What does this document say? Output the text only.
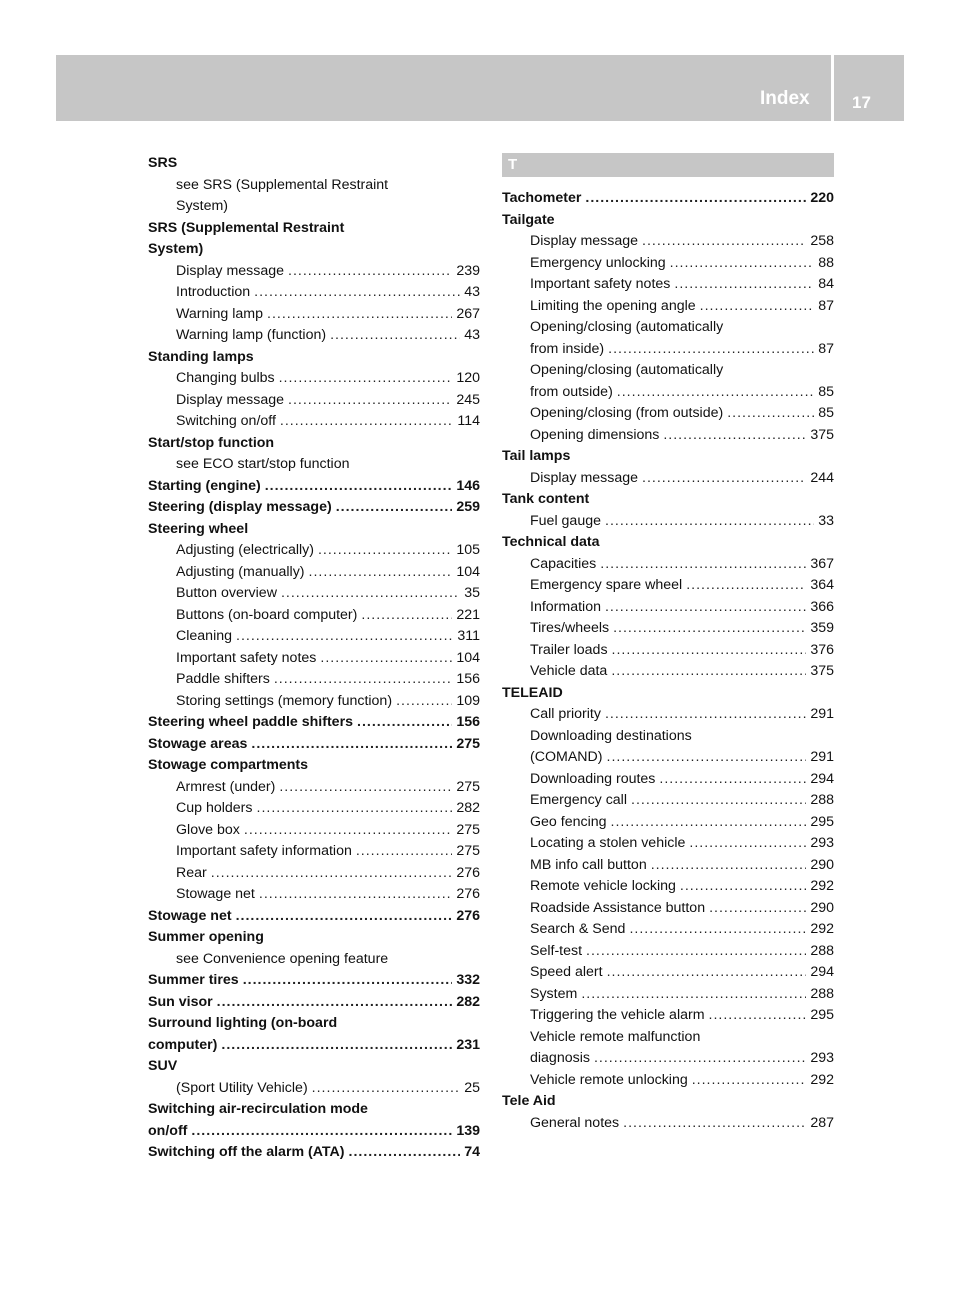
Index	17
SRS
see SRS (Supplemental Restraint
System)
SRS (Supplemental Restraint
System)
Display message .....	239
Introduction .....	43
Warning lamp .....	267
Warning lamp (function) .....	43
Standing lamps
Changing bulbs .....	120
Display message .....	245
Switching on/off .....	114
Start/stop function
see ECO start/stop function
Starting (engine) .....	146
Steering (display message) .....	259
Steering wheel
Adjusting (electrically) .....	105
Adjusting (manually) .....	104
Button overview .....	35
Buttons (on-board computer) .....	221
Cleaning .....	311
Important safety notes .....	104
Paddle shifters .....	156
Storing settings (memory function) .....	109
Steering wheel paddle shifters .....	156
Stowage areas .....	275
Stowage compartments
Armrest (under) .....	275
Cup holders .....	282
Glove box .....	275
Important safety information .....	275
Rear .....	276
Stowage net .....	276
Stowage net .....	276
Summer opening
see Convenience opening feature
Summer tires .....	332
Sun visor .....	282
Surround lighting (on-board
computer) .....	231
SUV
(Sport Utility Vehicle) .....	25
Switching air-recirculation mode
on/off .....	139
Switching off the alarm (ATA) .....	74
T
Tachometer .....	220
Tailgate
Display message .....	258
Emergency unlocking .....	88
Important safety notes .....	84
Limiting the opening angle .....	87
Opening/closing (automatically
from inside) .....	87
Opening/closing (automatically
from outside) .....	85
Opening/closing (from outside) .....	85
Opening dimensions .....	375
Tail lamps
Display message .....	244
Tank content
Fuel gauge .....	33
Technical data
Capacities .....	367
Emergency spare wheel .....	364
Information .....	366
Tires/wheels .....	359
Trailer loads .....	376
Vehicle data .....	375
TELEAID
Call priority .....	291
Downloading destinations
(COMAND) .....	291
Downloading routes .....	294
Emergency call .....	288
Geo fencing .....	295
Locating a stolen vehicle .....	293
MB info call button .....	290
Remote vehicle locking .....	292
Roadside Assistance button .....	290
Search & Send .....	292
Self-test .....	288
Speed alert .....	294
System .....	288
Triggering the vehicle alarm .....	295
Vehicle remote malfunction
diagnosis .....	293
Vehicle remote unlocking .....	292
Tele Aid
General notes .....	287
